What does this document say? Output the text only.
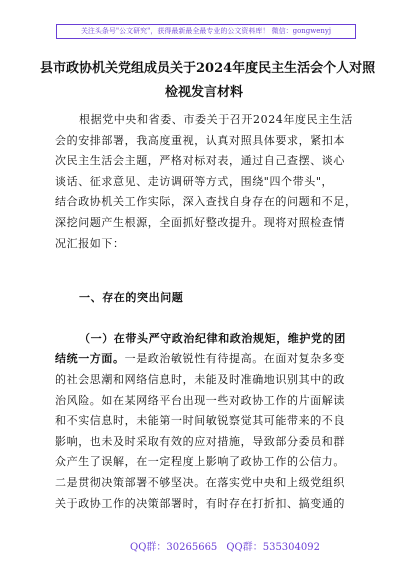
关注头条号"公文研究"，获得最新最全最专业的公文资料库！ 微信：gongwenyj
县市政协机关党组成员关于2024年度民主生活会个人对照
检视发言材料

根据党中央和省委、市委关于召开2024年度民主生活

会的安排部署，我高度重视，认真对照具体要求，紧扣本

次民主生活会主题，严格对标对表，通过自己查摆、谈心

谈话、征求意见、走访调研等方式，围绕"四个带头"，

结合政协机关工作实际，深入查找自身存在的问题和不足，

深挖问题产生根源，全面抓好整改提升。现将对照检查情

况汇报如下：

一、存在的突出问题

（一）在带头严守政治纪律和政治规矩，维护党的团

结统一方面。一是政治敏锐性有待提高。在面对复杂多变

的社会思潮和网络信息时，未能及时准确地识别其中的政

治风险。如在某网络平台出现一些对政协工作的片面解读

和不实信息时，未能第一时间敏锐察觉其可能带来的不良

影响，也未及时采取有效的应对措施，导致部分委员和群

众产生了误解，在一定程度上影响了政协工作的公信力。

二是贯彻决策部署不够坚决。在落实党中央和上级党组织

关于政协工作的决策部署时，有时存在打折扣、搞变通的

QQ群：30265665 QQ群：535304092
